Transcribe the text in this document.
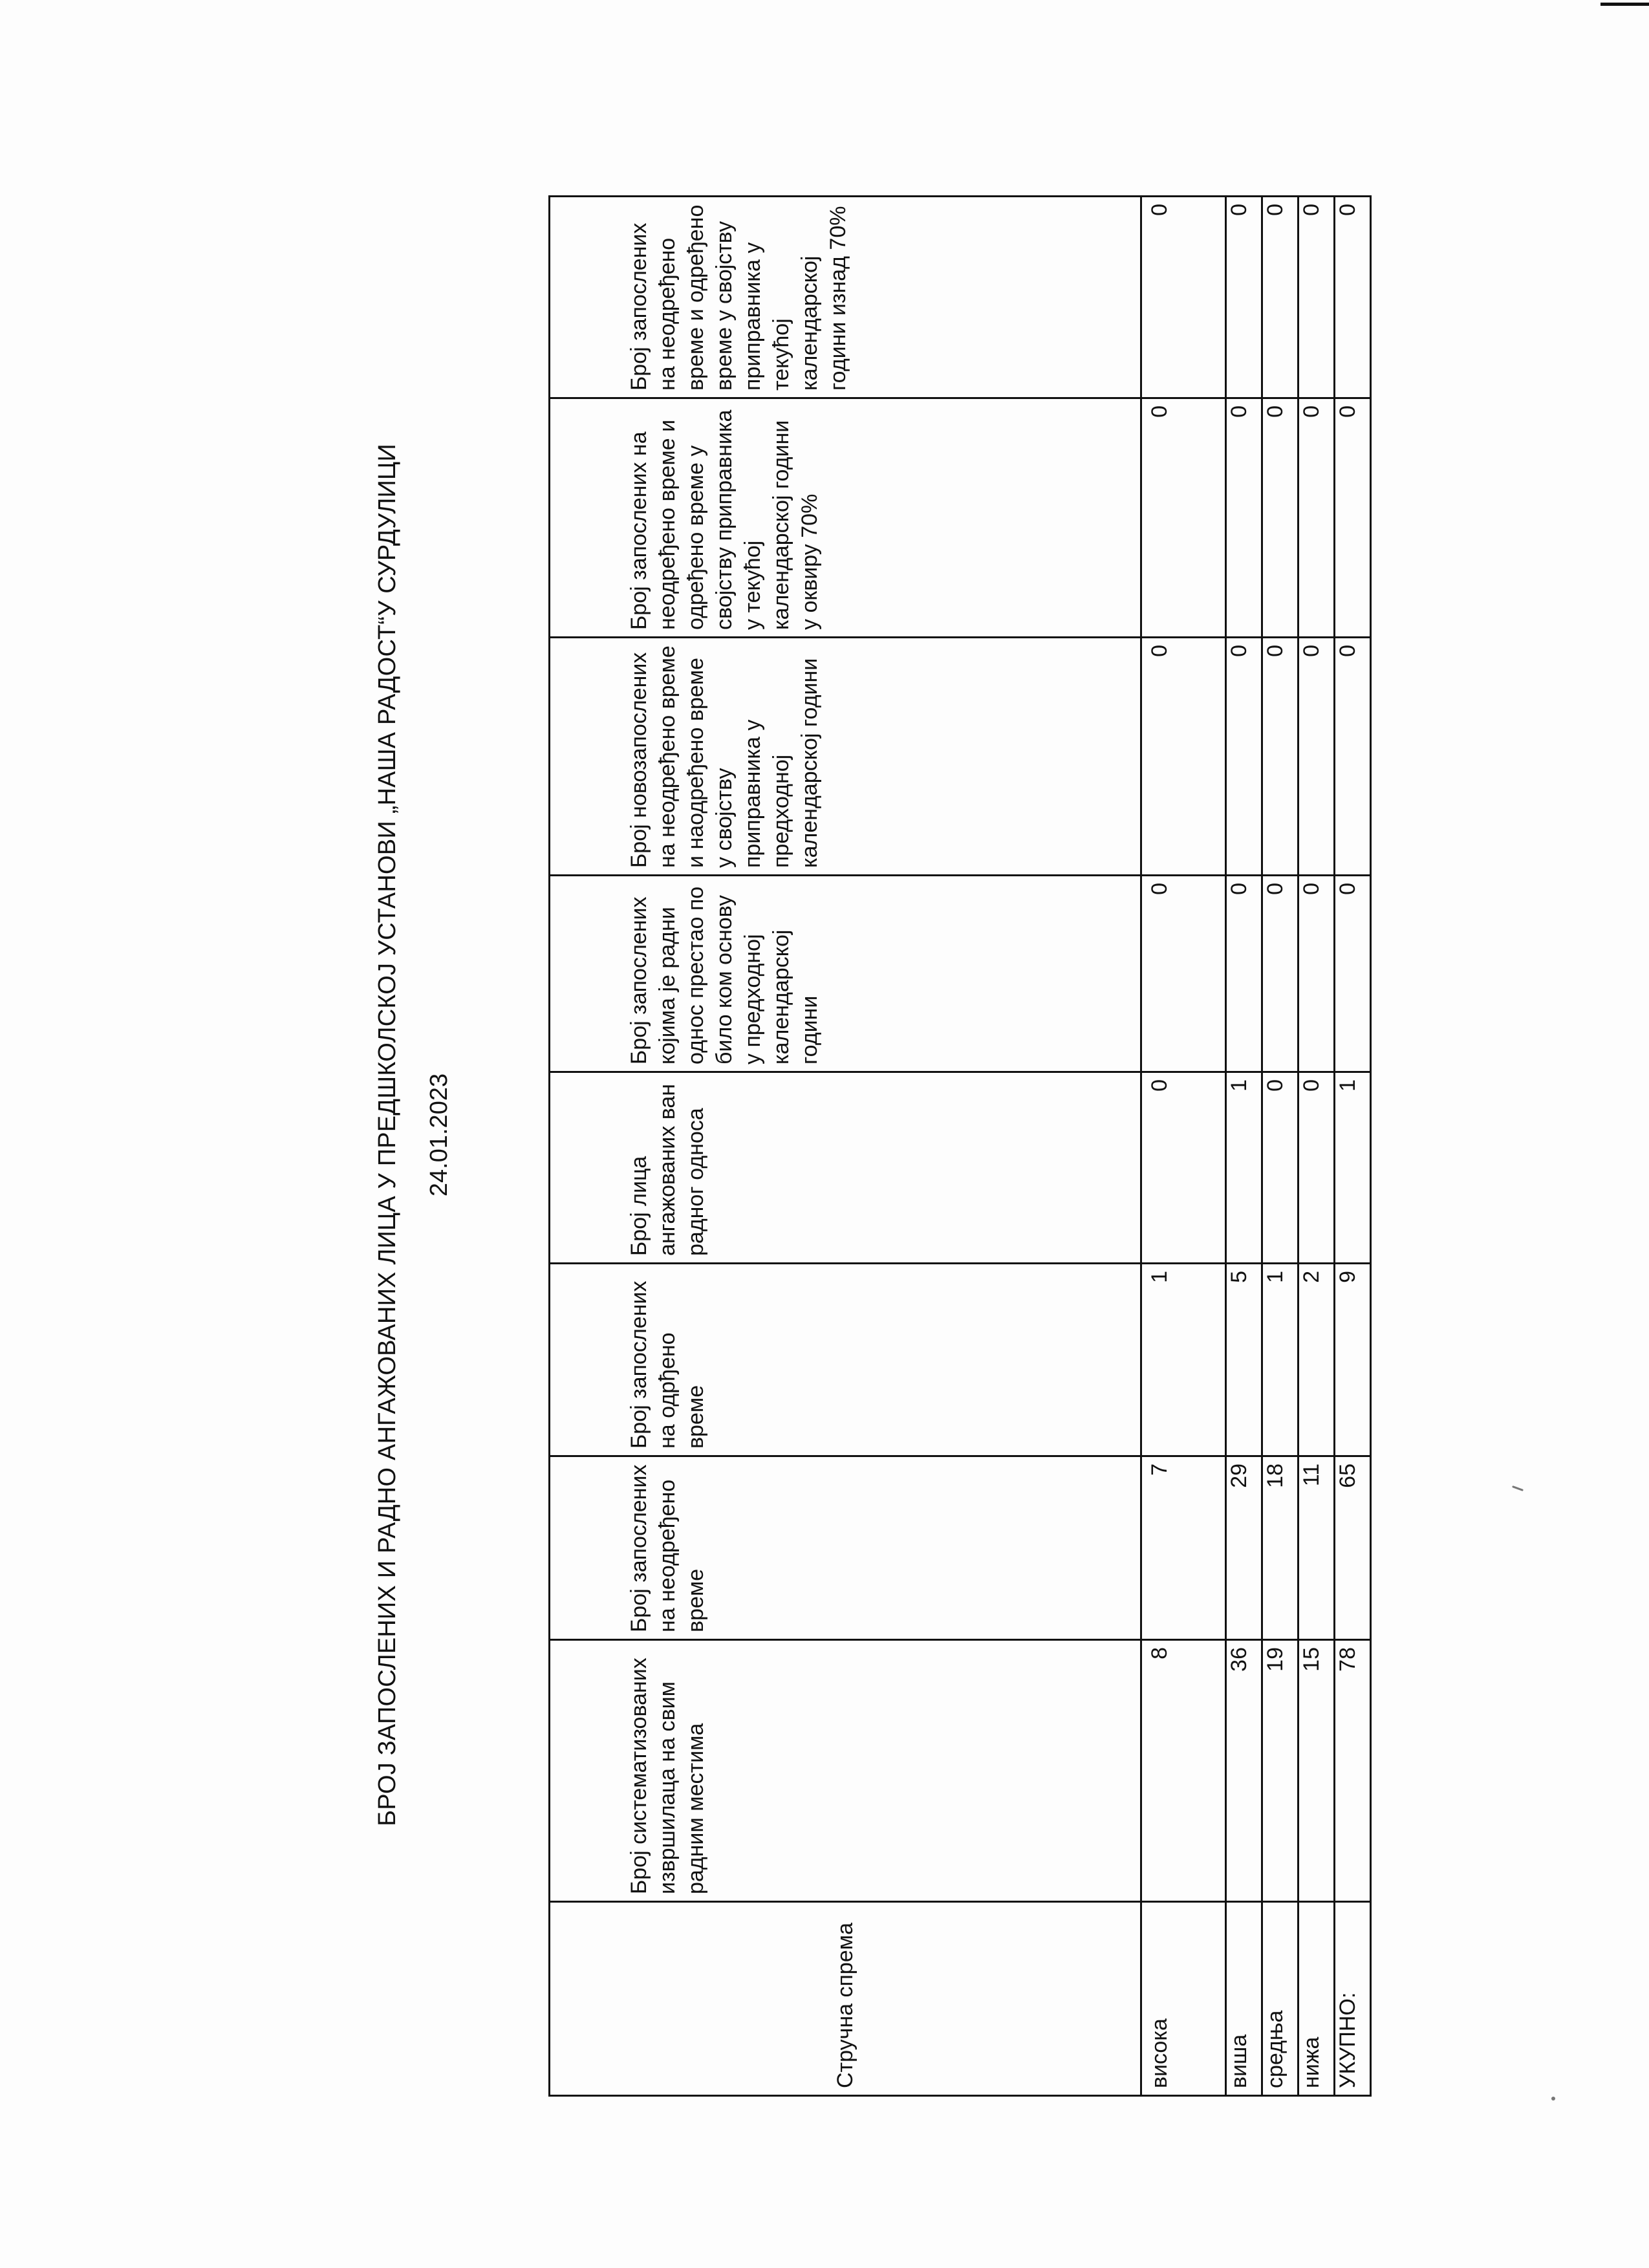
БРОЈ ЗАПОСЛЕНИХ И РАДНО АНГАЖОВАНИХ ЛИЦА У ПРЕДШКОЛСКОЈ УСТАНОВИ „НАША РАДОСТ“У СУРДУЛИЦИ 24.01.2023
Стручна спрема	Број систематизованих извршилаца на свим радним местима	Број запослених на неодређено време	Број запослених на одрђено време	Број лица ангажованих ван радног односа	Број запослених којима је радни однос престао по било ком основу у предходној календарској години	Број новозапослених на неодређено време и наодређено време у својству приправника у предходној календарској години	Број запослених на неодређено време и одређено време у својству приправника у текућој календарској години у оквиру 70%	Број запослених на неодређено време и одређено време у својству приправника у текућој календарској години изнад 70%
висока	8	7	1	0	0	0	0	0
виша	36	29	5	1	0	0	0	0
средња	19	18	1	0	0	0	0	0
нижа	15	11	2	0	0	0	0	0
УКУПНО:	78	65	9	1	0	0	0	0
